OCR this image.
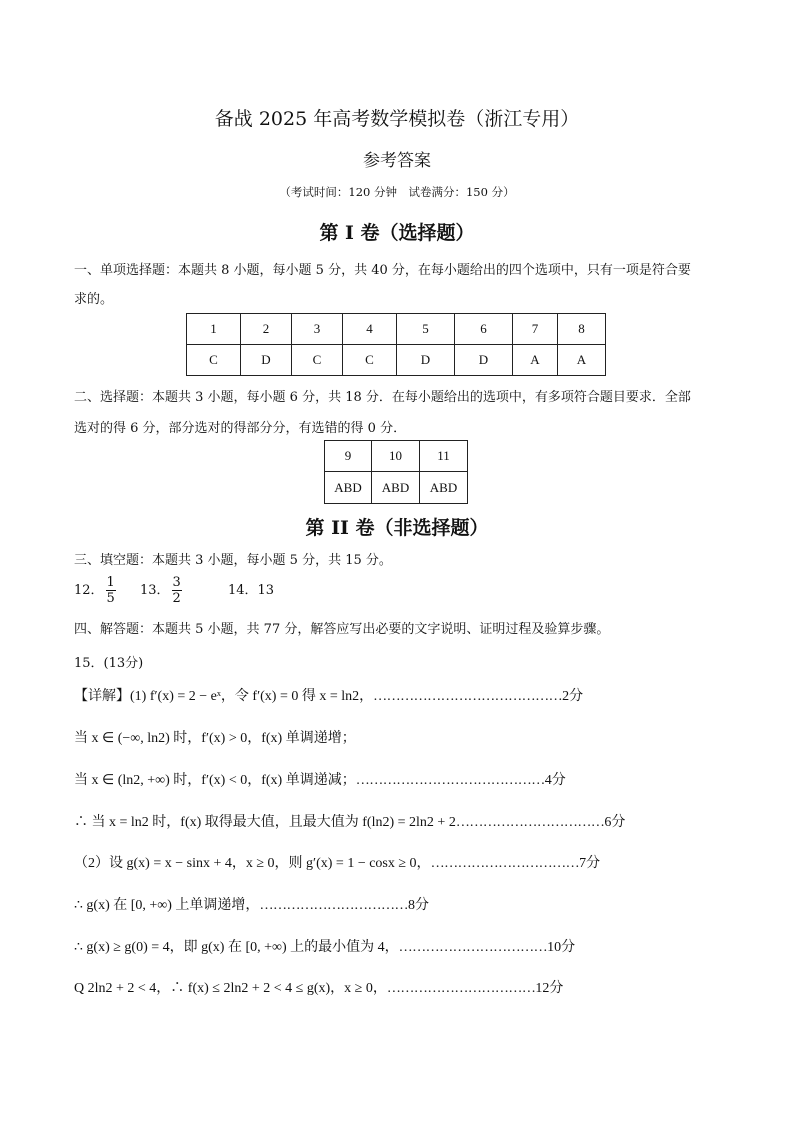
备战 2025 年高考数学模拟卷（浙江专用）
参考答案
（考试时间：120 分钟　试卷满分：150 分）
第 I 卷（选择题）
一、单项选择题：本题共 8 小题，每小题 5 分，共 40 分，在每小题给出的四个选项中，只有一项是符合要
求的。
1	2	3	4	5	6	7	8
C	D	C	C	D	D	A	A
二、选择题：本题共 3 小题，每小题 6 分，共 18 分．在每小题给出的选项中，有多项符合题目要求．全部
选对的得 6 分，部分选对的得部分分，有选错的得 0 分．
9	10	11
ABD	ABD	ABD
第 II 卷（非选择题）
三、填空题：本题共 3 小题，每小题 5 分，共 15 分。
12． $\frac{1}{5} 13$． $\frac{3}{2}$	14．13
四、解答题：本题共 5 小题，共 77 分，解答应写出必要的文字说明、证明过程及验算步骤。
15．(13分)
【详解】(1) f′(x) = 2 − eˣ，令 f′(x) = 0 得 x = ln2，……………………………………2分
当 x ∈ (−∞, ln2) 时，f′(x) > 0，f(x) 单调递增；
当 x ∈ (ln2, +∞) 时，f′(x) < 0，f(x) 单调递减；……………………………………4分
∴ 当 x = ln2 时，f(x) 取得最大值，且最大值为 f(ln2) = 2ln2 + 2……………………………6分
（2）设 g(x) = x − sinx + 4，x ≥ 0，则 g′(x) = 1 − cosx ≥ 0，……………………………7分
∴ g(x) 在 [0, +∞) 上单调递增，……………………………8分
∴ g(x) ≥ g(0) = 4，即 g(x) 在 [0, +∞) 上的最小值为 4，……………………………10分
Q 2ln2 + 2 < 4，∴ f(x) ≤ 2ln2 + 2 < 4 ≤ g(x)，x ≥ 0，……………………………12分
